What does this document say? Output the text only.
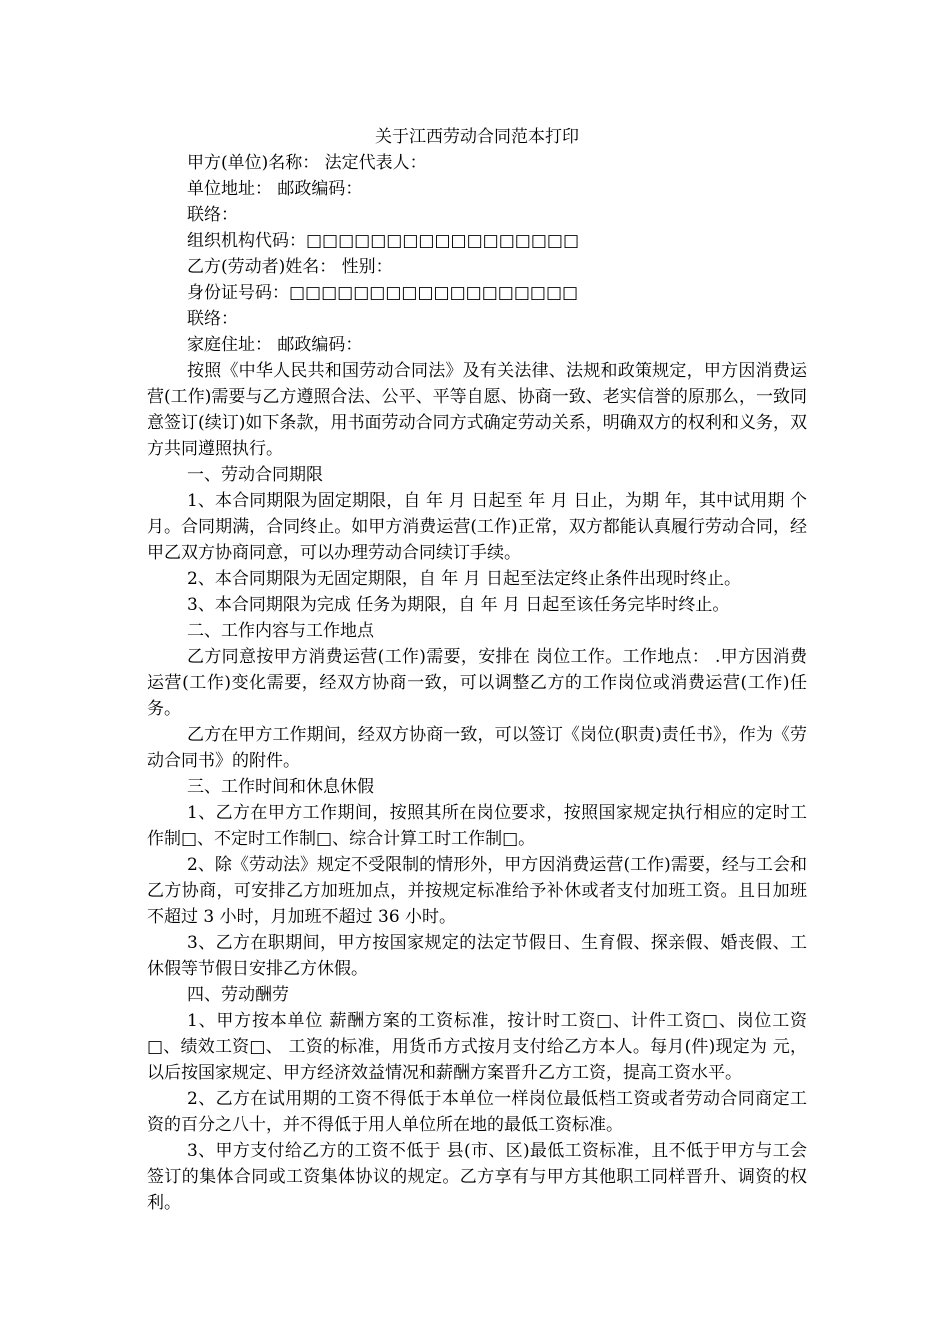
关于江西劳动合同范本打印

甲方(单位)名称： 法定代表人：

单位地址： 邮政编码：

联络：

组织机构代码：□□□□□□□□□□□□□□□□□

乙方(劳动者)姓名： 性别：

身份证号码：□□□□□□□□□□□□□□□□□□

联络：

家庭住址： 邮政编码：

按照《中华人民共和国劳动合同法》及有关法律、法规和政策规定，甲方因消费运营(工作)需要与乙方遵照合法、公平、平等自愿、协商一致、老实信誉的原那么，一致同意签订(续订)如下条款，用书面劳动合同方式确定劳动关系，明确双方的权利和义务，双方共同遵照执行。

一、劳动合同期限

1、本合同期限为固定期限，自 年 月 日起至 年 月 日止，为期 年，其中试用期 个月。合同期满，合同终止。如甲方消费运营(工作)正常，双方都能认真履行劳动合同，经甲乙双方协商同意，可以办理劳动合同续订手续。

2、本合同期限为无固定期限，自 年 月 日起至法定终止条件出现时终止。

3、本合同期限为完成 任务为期限，自 年 月 日起至该任务完毕时终止。

二、工作内容与工作地点

乙方同意按甲方消费运营(工作)需要，安排在 岗位工作。工作地点： .甲方因消费运营(工作)变化需要，经双方协商一致，可以调整乙方的工作岗位或消费运营(工作)任务。

乙方在甲方工作期间，经双方协商一致，可以签订《岗位(职责)责任书》，作为《劳动合同书》的附件。

三、工作时间和休息休假

1、乙方在甲方工作期间，按照其所在岗位要求，按照国家规定执行相应的定时工作制□、不定时工作制□、综合计算工时工作制□。

2、除《劳动法》规定不受限制的情形外，甲方因消费运营(工作)需要，经与工会和乙方协商，可安排乙方加班加点，并按规定标准给予补休或者支付加班工资。且日加班不超过 3 小时，月加班不超过 36 小时。

3、乙方在职期间，甲方按国家规定的法定节假日、生育假、探亲假、婚丧假、工休假等节假日安排乙方休假。

四、劳动酬劳

1、甲方按本单位 薪酬方案的工资标准，按计时工资□、计件工资□、岗位工资□、绩效工资□、 工资的标准，用货币方式按月支付给乙方本人。每月(件)现定为 元，以后按国家规定、甲方经济效益情况和薪酬方案晋升乙方工资，提高工资水平。

2、乙方在试用期的工资不得低于本单位一样岗位最低档工资或者劳动合同商定工资的百分之八十，并不得低于用人单位所在地的最低工资标准。

3、甲方支付给乙方的工资不低于 县(市、区)最低工资标准，且不低于甲方与工会签订的集体合同或工资集体协议的规定。乙方享有与甲方其他职工同样晋升、调资的权利。
